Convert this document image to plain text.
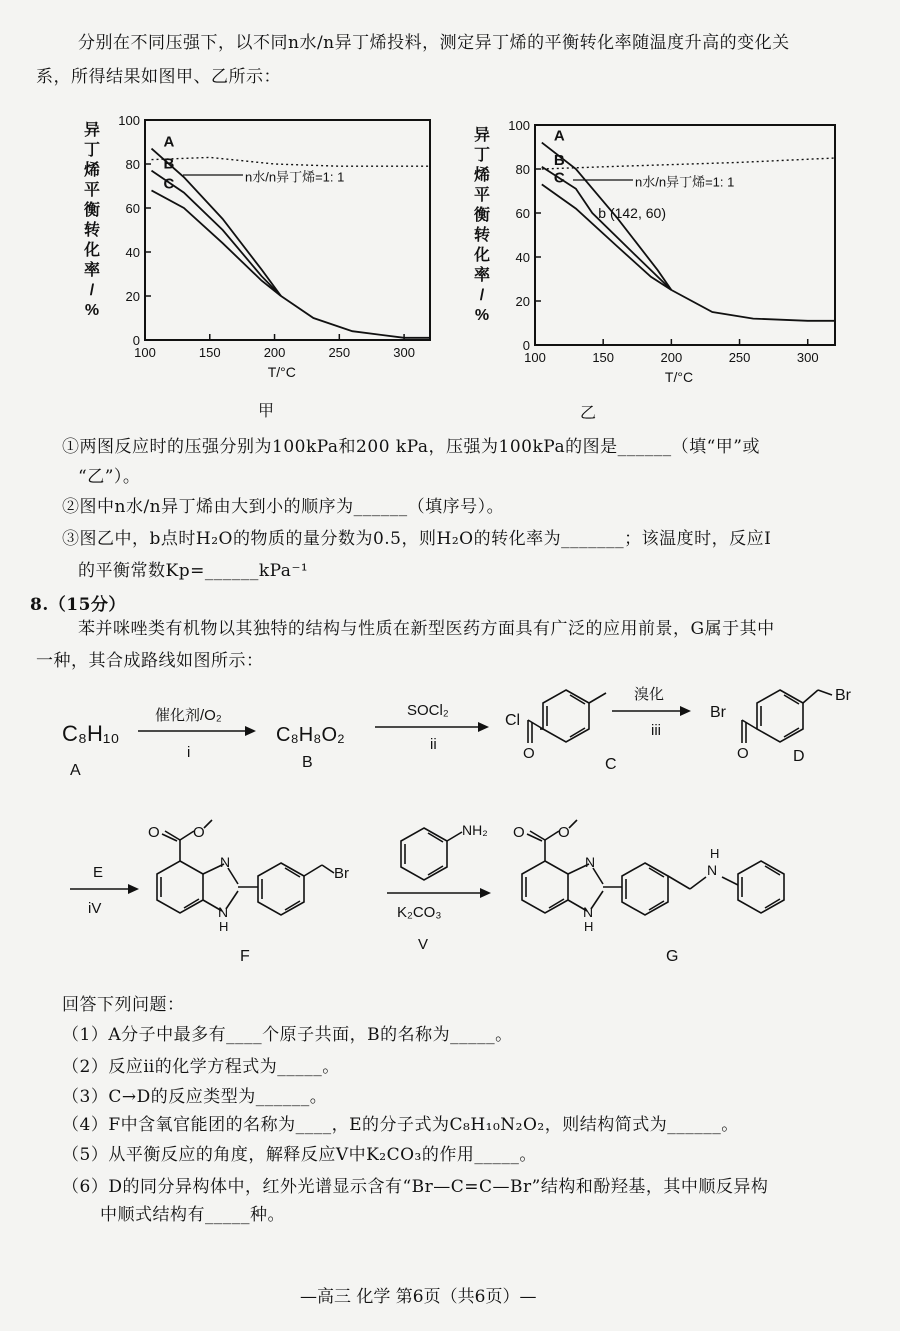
分别在不同压强下，以不同n水/n异丁烯投料，测定异丁烯的平衡转化率随温度升高的变化关
系，所得结果如图甲、乙所示：
0
20
40
60
80
100
100	150	200	250	300
T/°C
异丁烯平衡转化率/ %
A
B
C	n水/n异丁烯=1: 1
甲
0
20
40
60
80
100
100	150	200	250	300
T/°C
异丁烯平衡转化率/ %
A
B
C	n水/n异丁烯=1: 1
b (142, 60)
乙
①两图反应时的压强分别为100kPa和200 kPa，压强为100kPa的图是______（填“甲”或
“乙”）。
②图中n水/n异丁烯由大到小的顺序为______（填序号）。
③图乙中，b点时H₂O的物质的量分数为0.5，则H₂O的转化率为_______；该温度时，反应Ⅰ
的平衡常数Kp=______kPa⁻¹
8.（15分）
苯并咪唑类有机物以其独特的结构与性质在新型医药方面具有广泛的应用前景，G属于其中
一种，其合成路线如图所示：
C₈H₁₀
A
催化剂/O₂
i
C₈H₈O₂
B
SOCl₂
ii
Cl
O
C
溴化
iii
Br
Br
O	D
E
iV
O O
N
N
H
Br
F
NH₂
K₂CO₃
V
O O
N
N
H
H
N
G
回答下列问题：
（1）A分子中最多有____个原子共面，B的名称为_____。
（2）反应ⅱ的化学方程式为_____。
（3）C→D的反应类型为______。
（4）F中含氧官能团的名称为____，E的分子式为C₈H₁₀N₂O₂，则结构简式为______。
（5）从平衡反应的角度，解释反应V中K₂CO₃的作用_____。
（6）D的同分异构体中，红外光谱显示含有“Br—C=C—Br”结构和酚羟基，其中顺反异构
中顺式结构有_____种。
—高三 化学 第6页（共6页）—
